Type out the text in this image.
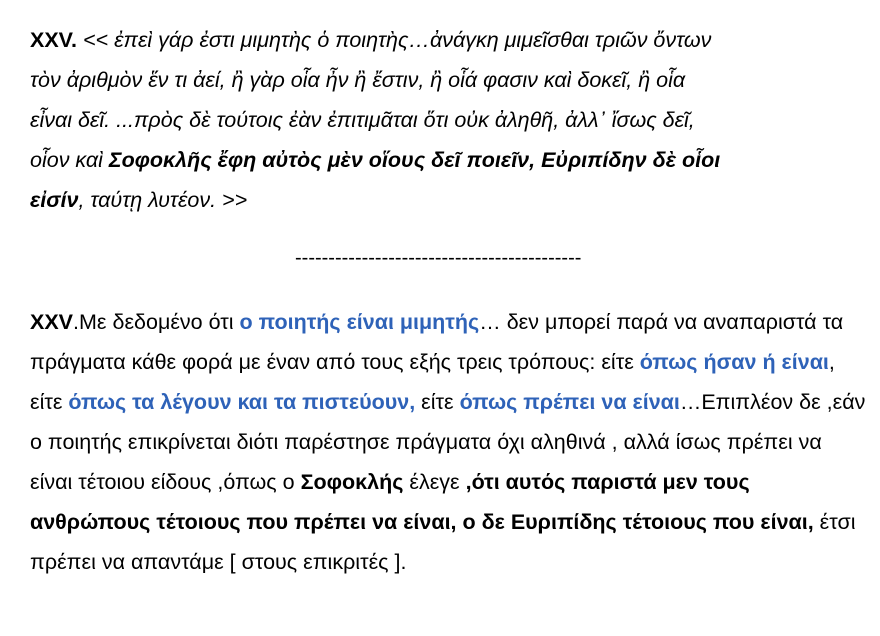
XXV. << ἐπεὶ γάρ ἐστι μιμητὴς ὁ ποιητὴς…ἀνάγκη μιμεῖσθαι τριῶν ὄντων
τὸν ἀριθμὸν ἕν τι ἀεί, ἢ γὰρ οἷα ἦν ἢ ἔστιν, ἢ οἷά φασιν καὶ δοκεῖ, ἢ οἷα
εἶναι δεῖ. ...πρὸς δὲ τούτοις ἐὰν ἐπιτιμᾶται ὅτι οὐκ ἀληθῆ, ἀλλ᾽ ἴσως δεῖ,
οἷον καὶ Σοφοκλῆς ἔφη αὐτὸς μὲν οἵους δεῖ ποιεῖν, Εὐριπίδην δὲ οἷοι
εἰσίν, ταύτῃ λυτέον. >>
-------------------------------------------
XXV.Με δεδομένο ότι ο ποιητής είναι μιμητής… δεν μπορεί παρά να αναπαριστά τα πράγματα κάθε φορά με έναν από τους εξής τρεις τρόπους: είτε όπως ήσαν ή είναι, είτε όπως τα λέγουν και τα πιστεύουν, είτε όπως πρέπει να είναι…Επιπλέον δε ,εάν ο ποιητής επικρίνεται διότι παρέστησε πράγματα όχι αληθινά , αλλά ίσως πρέπει να είναι τέτοιου είδους ,όπως ο Σοφοκλής έλεγε ,ότι αυτός παριστά μεν τους ανθρώπους τέτοιους που πρέπει να είναι, ο δε Ευριπίδης τέτοιους που είναι, έτσι πρέπει να απαντάμε [ στους επικριτές ].
